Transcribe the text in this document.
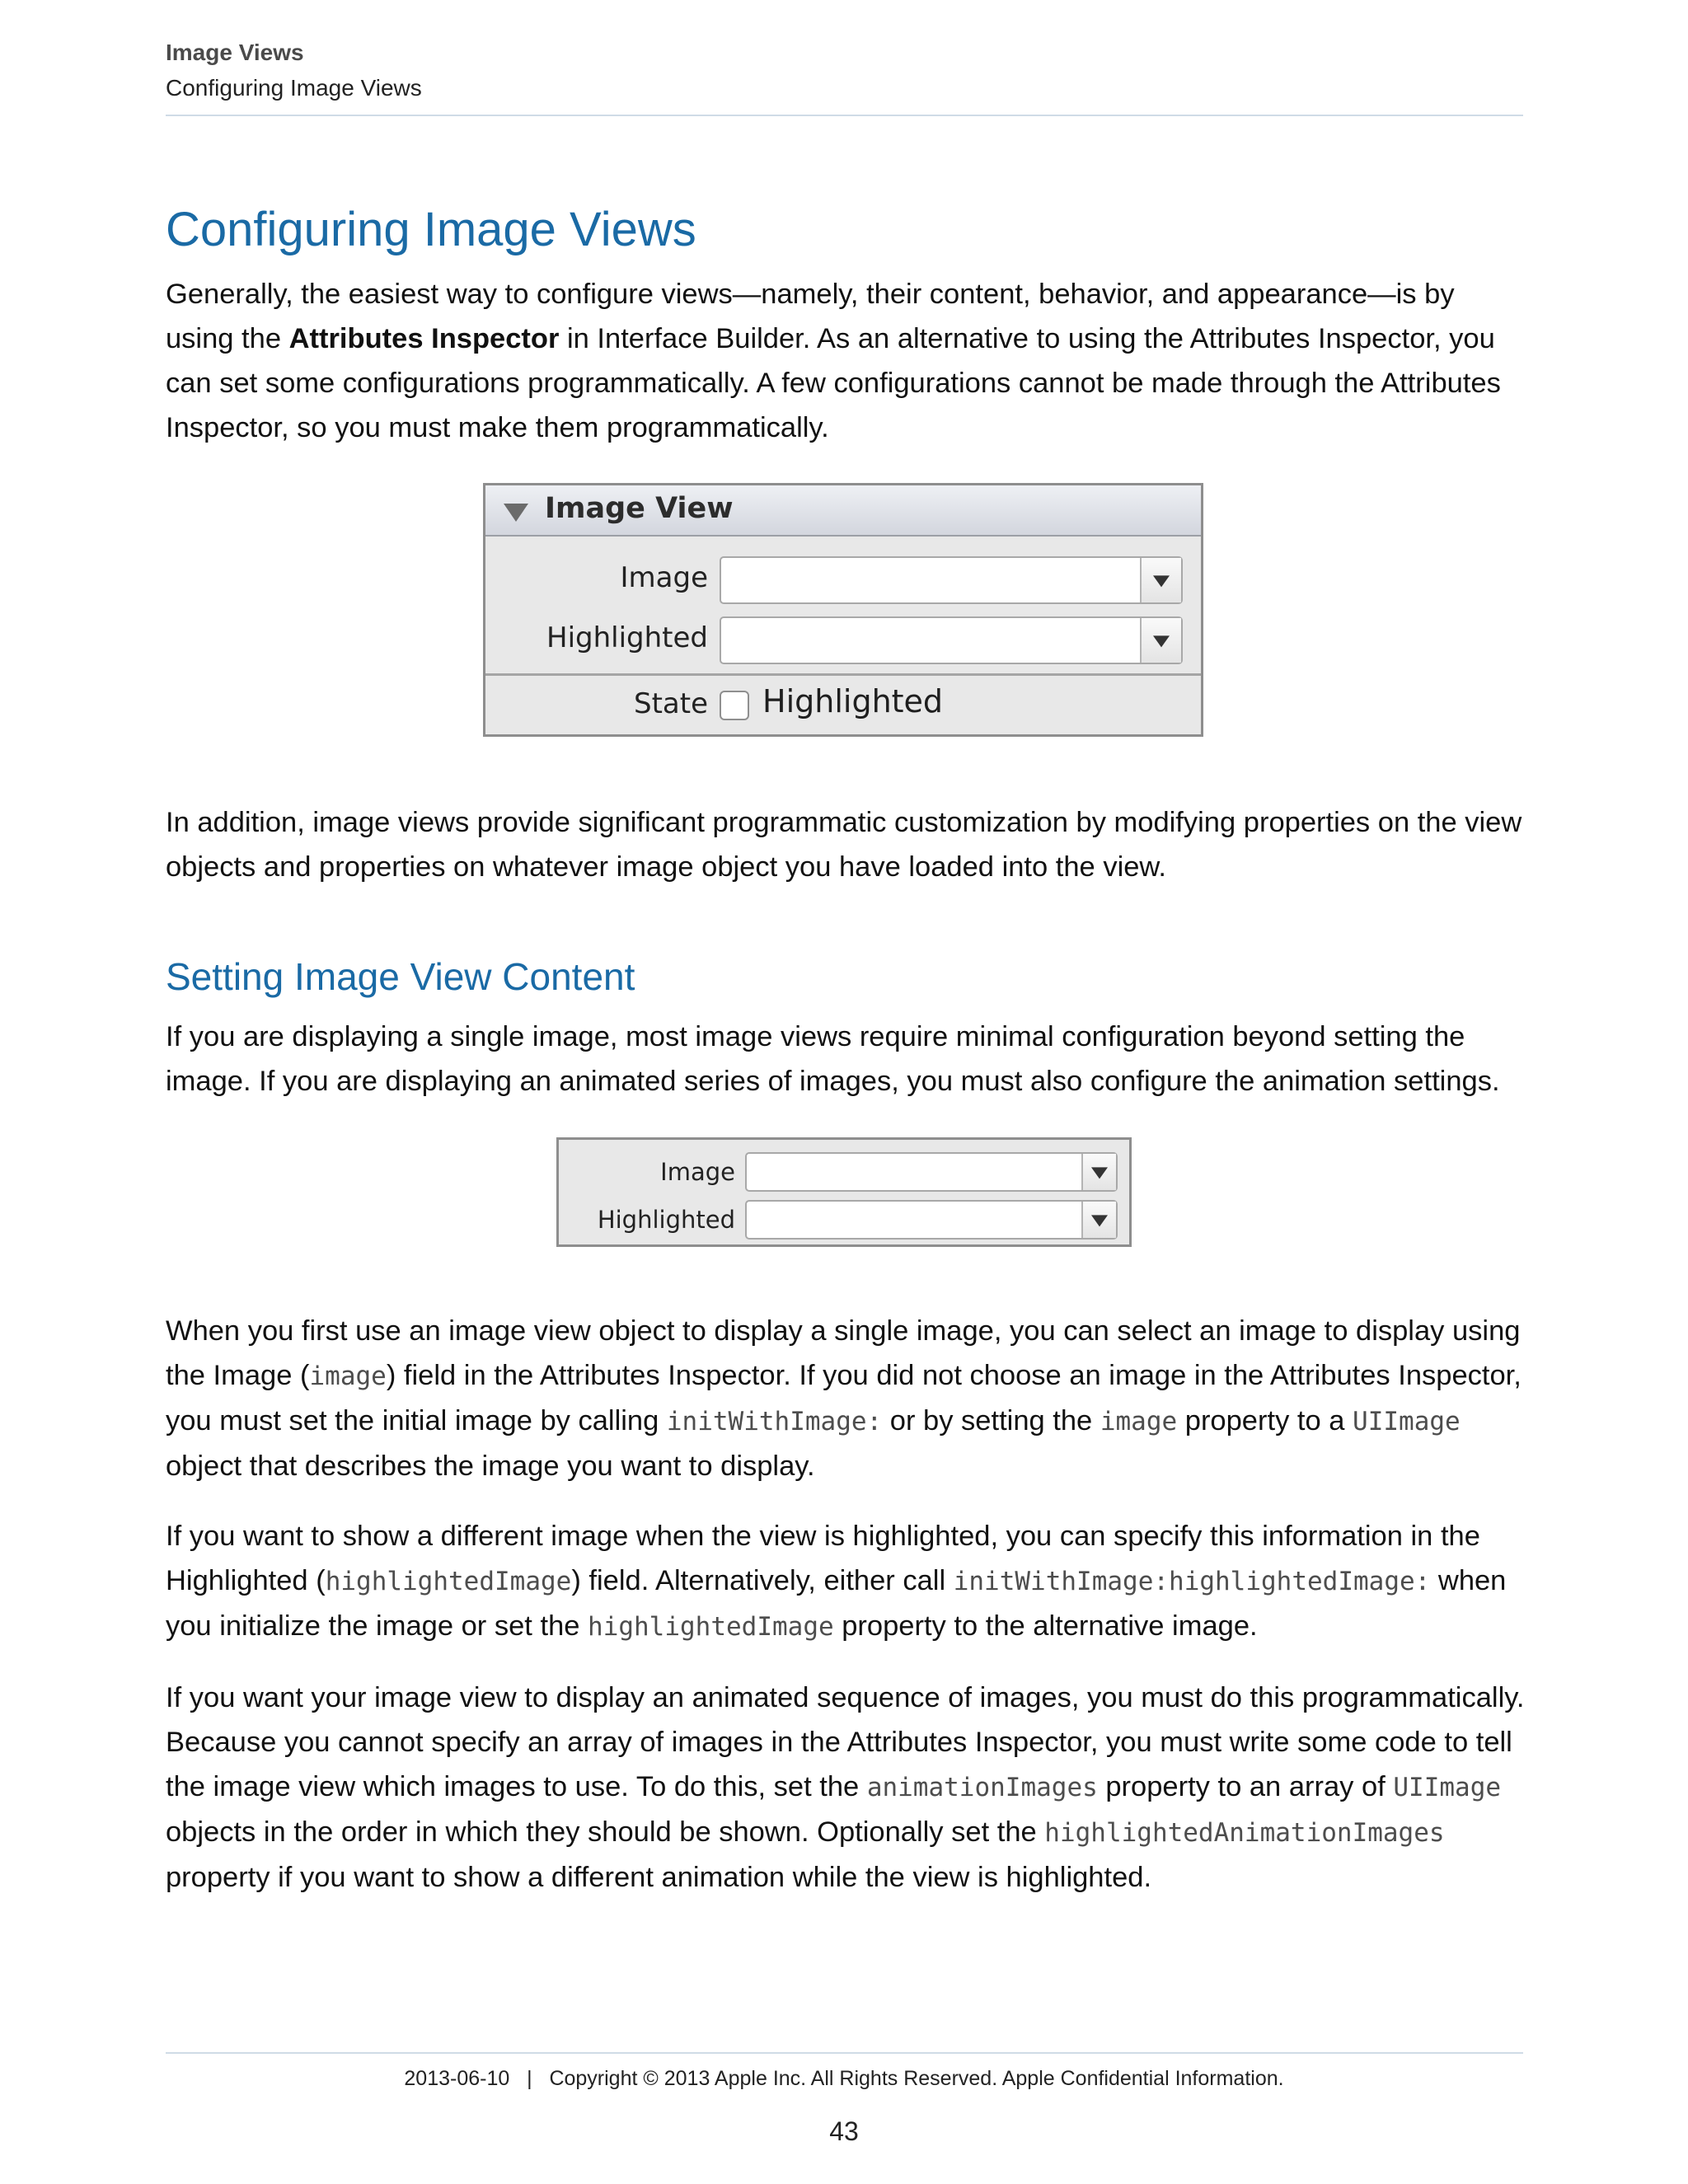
Image Views
Configuring Image Views
Configuring Image Views

Generally, the easiest way to configure views—namely, their content, behavior, and appearance—is by using the Attributes Inspector in Interface Builder. As an alternative to using the Attributes Inspector, you can set some configurations programmatically. A few configurations cannot be made through the Attributes Inspector, so you must make them programmatically.

Image View
Image
Highlighted
State Highlighted

In addition, image views provide significant programmatic customization by modifying properties on the view objects and properties on whatever image object you have loaded into the view.

Setting Image View Content

If you are displaying a single image, most image views require minimal configuration beyond setting the image. If you are displaying an animated series of images, you must also configure the animation settings.

Image
Highlighted

When you first use an image view object to display a single image, you can select an image to display using the Image (image) field in the Attributes Inspector. If you did not choose an image in the Attributes Inspector, you must set the initial image by calling initWithImage: or by setting the image property to a UIImage object that describes the image you want to display.

If you want to show a different image when the view is highlighted, you can specify this information in the Highlighted (highlightedImage) field. Alternatively, either call initWithImage:highlightedImage: when you initialize the image or set the highlightedImage property to the alternative image.

If you want your image view to display an animated sequence of images, you must do this programmatically. Because you cannot specify an array of images in the Attributes Inspector, you must write some code to tell the image view which images to use. To do this, set the animationImages property to an array of UIImage objects in the order in which they should be shown. Optionally set the highlightedAnimationImages property if you want to show a different animation while the view is highlighted.

2013-06-10   |   Copyright © 2013 Apple Inc. All Rights Reserved. Apple Confidential Information.
43
